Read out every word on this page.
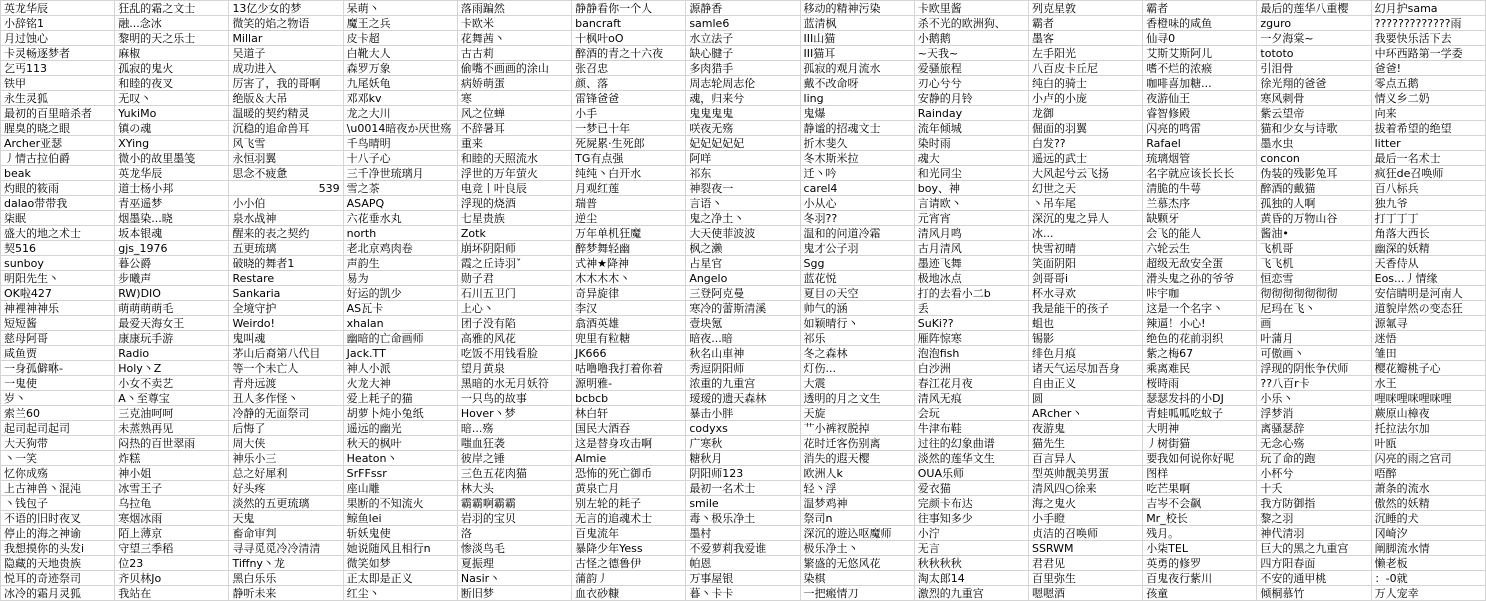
英龙华辰	狂乱的霜之文士	13亿少女的梦	呆萌丶	落雨蹁然	静静看你一个人	源静香	移动的精神污染	卡欧里酱	列克星敦	霸者	最后的莲华八重樱	幻月护sama
小辞铭1	融...念冰	微笑的焰之物语	魔王之兵	卡欧米	bancraft	samle6	蓝清枫	杀不光的欧洲狗、	霸者	香橙味的咸鱼	zguro	?????????????雨
月过蚀心	黎明的天之乐士	Millar	皮卡超	花舞茜丶	十枫叶oO	水立法子	III山猫	小鹅鹅	墨客	仙寻0	一夕海棠~	我要快乐活下去
卡灵畅逐梦者	麻椒	吴道子	白靴大人	古古莉	醉酒的青之十六夜	缺心腱子	III猫耳	~天我~	左手阳光	艾斯艾斯阿儿	tototo	中环西路第一学委
乞丐113	孤寂的鬼火	成功进入	森罗万象	偷嘴不画画的涂山	张召忠	多肉猎手	孤寂的观月流水	爱骚旅程	八百皮卡丘尼	嗜不烂的浓瘊	引泪骨	爸爸!
铁甲	和睦的夜叉	厉害了，我的哥啊	九尾妖龟	病娇萌蛋	颜、落	周志轮周志伦	戴不改命呀	刃心兮兮	纯白的骑士	咖啡喜加糖...	徐光翔的爸爸	零点五鹅
永生灵狐	无叹丶	绝版＆大吊	邓邓kv	寒	雷锋爸爸	魂，归来兮	ling	安静的月铃	小卢的小庞	夜游仙王	寒风刺骨	情义乡二奶
最初的百里暗杀者	YukiMo	温暖的契约精灵	龙之大川	风之位蝉	小手	鬼鬼鬼鬼	鬼爆	Rainday	龙御	睿智修殿	紫云望帝	向来
腥臭的晓之眼	镇の魂	沉稳的追命兽耳	\u0014暗夜か厌世殇	不辞暑耳	一梦已十年	咲夜无殇	静谧的招魂文士	流年倾城	倔面的羽翼	闪亮的鸣雷	猫和少女与诗歌	拔着希望的绝望
Archer亚瑟	XYing	风飞雪	千鸟晴明	重来	死屍累·生死郎	妃妃妃妃妃	折木斐久	染时雨	白发??	Rafael	墨水虫	litter
丿情古拉伯爵	微小的故里墨笺	永恒羽翼	十八子心	和睦的天照流水	TG有点强	阿咩	冬木斯米拉	魂大	遥远的武士	琉璃烟管	concon	最后一名术士
beak	英龙华辰	思念不疲惫	三千净世琉璃月	浮世的万年萤火	纯纯丶白开水	祁东	迁丶吟	和光同尘	大风起兮云飞扬	名字就应该长长长	伪装的残影兔耳	疯狂de召唤师
灼眼的筱雨	道士杨小邦	539	雪之茶	电竞丨叶良辰	月观红莲	神裂夜一	carel4	boy、神	幻世之天	清脆的牛萼	醉酒的戴猫	百八标兵
dalao带带我	青巫遥梦	小小伯	ASAPQ	浮现的烧酒	瑞普	言语丶	小从心	言请欧丶	丶吊车尾	兰慕杰序	孤独的人啊	独九爷
柒眠	烟墨染...晓	泉水战神	六花垂水丸	七星贵族	逆尘	鬼之净土丶	冬羽??	元宵宵	深沉的鬼之异人	缺颗牙	黄昏的万物山谷	打丁丁丁
盛大的地之术士	坂本银魂	醒来的表之契约	north	Zotk	万年单机狂魔	大天使菲波波	温和的问道冷霜	清风月鸣	冰...	会飞的能人	酱油•	角落大西长
契516	gjs_1976	五更琉璃	老北京鸡肉卷	崩坏阴阳师	醉梦舞轻幽	枫之濑	鬼才公子羽	古月清风	快雪初晴	六轮云生	飞机哥	幽深的妖精
sunboy	暮公爵	破晓的舞者1	声韵生	霞之丘诗羽ˇ	式神★降神	占星官	Sgg	墨迹飞舞	笑面阴阳	超级无敌安全蛋	飞飞机	天香侍从
明阳先生丶	步曦声	Restare	易为	勋子君	木木木木丶	Angelo	蓝花悦	极地冰点	剑哥哥i	滑头鬼之孙的爷爷	恒恋雪	Eos...丿情缘
OK啦427	RW)DIO	Sankaria	好运的凯少	石川五卫门	奇异旋律	三登阿克曼	夏目の天空	打的去看小二b	杯水寻欢	咔宇咖	彻彻彻彻彻彻彻	安信睛明是河南人
神裡神神乐	萌萌萌萌毛	全境守护	AS瓦卡	上心丶	李汉	寒冷的蕾斯清溪	帅气的涵	丢	我是能干的孩子	这是一个名字丶	尼玛在飞丶	道貌岸然の变态狂
短短酱	最爱天海女王	Weirdo!	xhalan	团子没有陷	翕酒英雄	壹块氪	如颖晴行丶	SuKi??	蛆也	辣逼！小心!	画	源氟寻
慈母阿哥	康康玩手游	鬼叫魂	幽暗的亡命画师	高雅的风花	兜里有粒糖	暗夜...暗	祁乐	雁阵惊寒	锡影	绝色的花前羽织	叶蒲月	迷悟
咸鱼贾	Radio	茅山后裔第八代目	Jack.TT	吃饭不用钱看脸	JK666	秋名山車神	冬之森林	泡泡fish	绯色月痕	紫之梅67	可傲画丶	雏田
一身孤僻咻-	Holy丶Z	等一个未亡人	神人小派	望月黄泉	咕噜噜我打着你着	秀逗阴阳师	灯伤...	白沙洲	诸天气运尽加吾身	乘离难民	浮现的阴怅争伏师	樱花瓣桃子心
一鬼使	小女不卖艺	青舟远渡	火龙大神	黑暗的水无月妖符	源明雅-	浓重的九重宫	大震	春江花月夜	自由正义	桜時雨	??八百r卡	水王
岁丶	A丶至尊宝	丑人多作怪丶	爱上耗子的猫	一只鸟的故事	bcbcb	瑷瑷的遗天森林	透明的月之文生	清风无痕	圆	瑟瑟发抖的小DJ	小乐丶	哩咪哩咪哩咪哩
索兰60	三克油呵呵	冷静的无面祭司	胡萝卜炖小兔纸	Hover丶梦	林白轩	暴击小胖	天旋	会玩	ARcher丶	青蛙呱呱吃蚊子	浮梦消	蕨原山樟夜
起司起司起司	未蒸熟再见	后悔了	遥远的幽光	暗...殇	国民大酒吞	codyxs	艹小裤衩脱掉	牛津布鞋	夜游鬼	大明神	离骚瑟辞	托拉法尔加
大天狗带	闷热的百世翠雨	周大侠	秋天的枫叶	嗤血狂袭	这是替身攻击啊	广寒秋	花时迁客伤别离	过往的幻象曲谱	猫先生	丿树街猫	无念心殇	叶瓯
丶一笑	炸糕	神乐小三	Heaton丶	彼岸之锤	Almie	糖秋月	消失的遐天樱	淡然的莲华文生	百言异人	要我如何说你好呢	玩了命的跑	闪亮的雨之宫司
忆你成殇	神小姐	总之好犀利	SrFFssr	三色五花肉猫	恐怖的死亡御币	阴阳师123	欧洲人k	OUA乐师	型英帅靓美男蛋	图样	小杯兮	唔醉
上古神兽丶混沌	冰雪王子	好头疼	座山雕	林大头	黄泉亡月	最初一名术士	轻丶浮	爱衣猫	清风四○徐来	吃芒果啊	十夭	萧条的流水
丶钱包子	乌拉龟	淡然的五更琉璃	果断的不知流火	霸霸啊霸霸	别左轮的耗子	smile	温梦鸡神	完颜卡布达	海之鬼火	吉岑不会飙	我方防御指	傲然的妖精
不语的旧时夜叉	寒烟冰雨	天鬼	鲸鱼lei	岩羽的宝贝	无言的追魂术士	毒丶极乐净土	祭司n	往事知多少	小手瞪	Mr_校长	黎之羽	沉睡的犬
停止的海之神谕	陌上薄京	畜命审判	斩妖鬼使	洛	百鬼流年	墨村	深沉的遊込呕魔师	小泞	贞洁的召唤师	残月。	神代清羽	冈崎汐
我想摸你的头发i	守望三季稻	寻寻觅觅冷冷清清	她说随风且相行n	惨淡鸟毛	暴降少年Yess	不爱萝莉我爱谁	极乐净土丶	无言	SSRWM	小柒TEL	巨大的黑之九重宫	阐脚流水情
隐藏的天地贵族	位23	Tiffny丶龙	微笑如梦	夏振理	古怪之德鲁伊	帕恩	繁盛的无悠风花	秋秋秋秋	君君见	英勇的修罗	四方阳春面	懒老板
悦耳的奇迹祭司	齐贝林Jo	黑白乐乐	正太即是正义	Nasir丶	蒲韵丿	万事屋银	染棋	淘太郎14	百里弥生	百鬼夜行紫川	不安的通甲桃	：-0就
冰冷的霜月灵狐	我站在	静听未来	红尘丶	断旧梦	血衣砂糠	暮丶卡卡	一把瘢情刀	激烈的九重宫	嗯嗯酒	孩童	倾桐慕竹	万人宠幸
